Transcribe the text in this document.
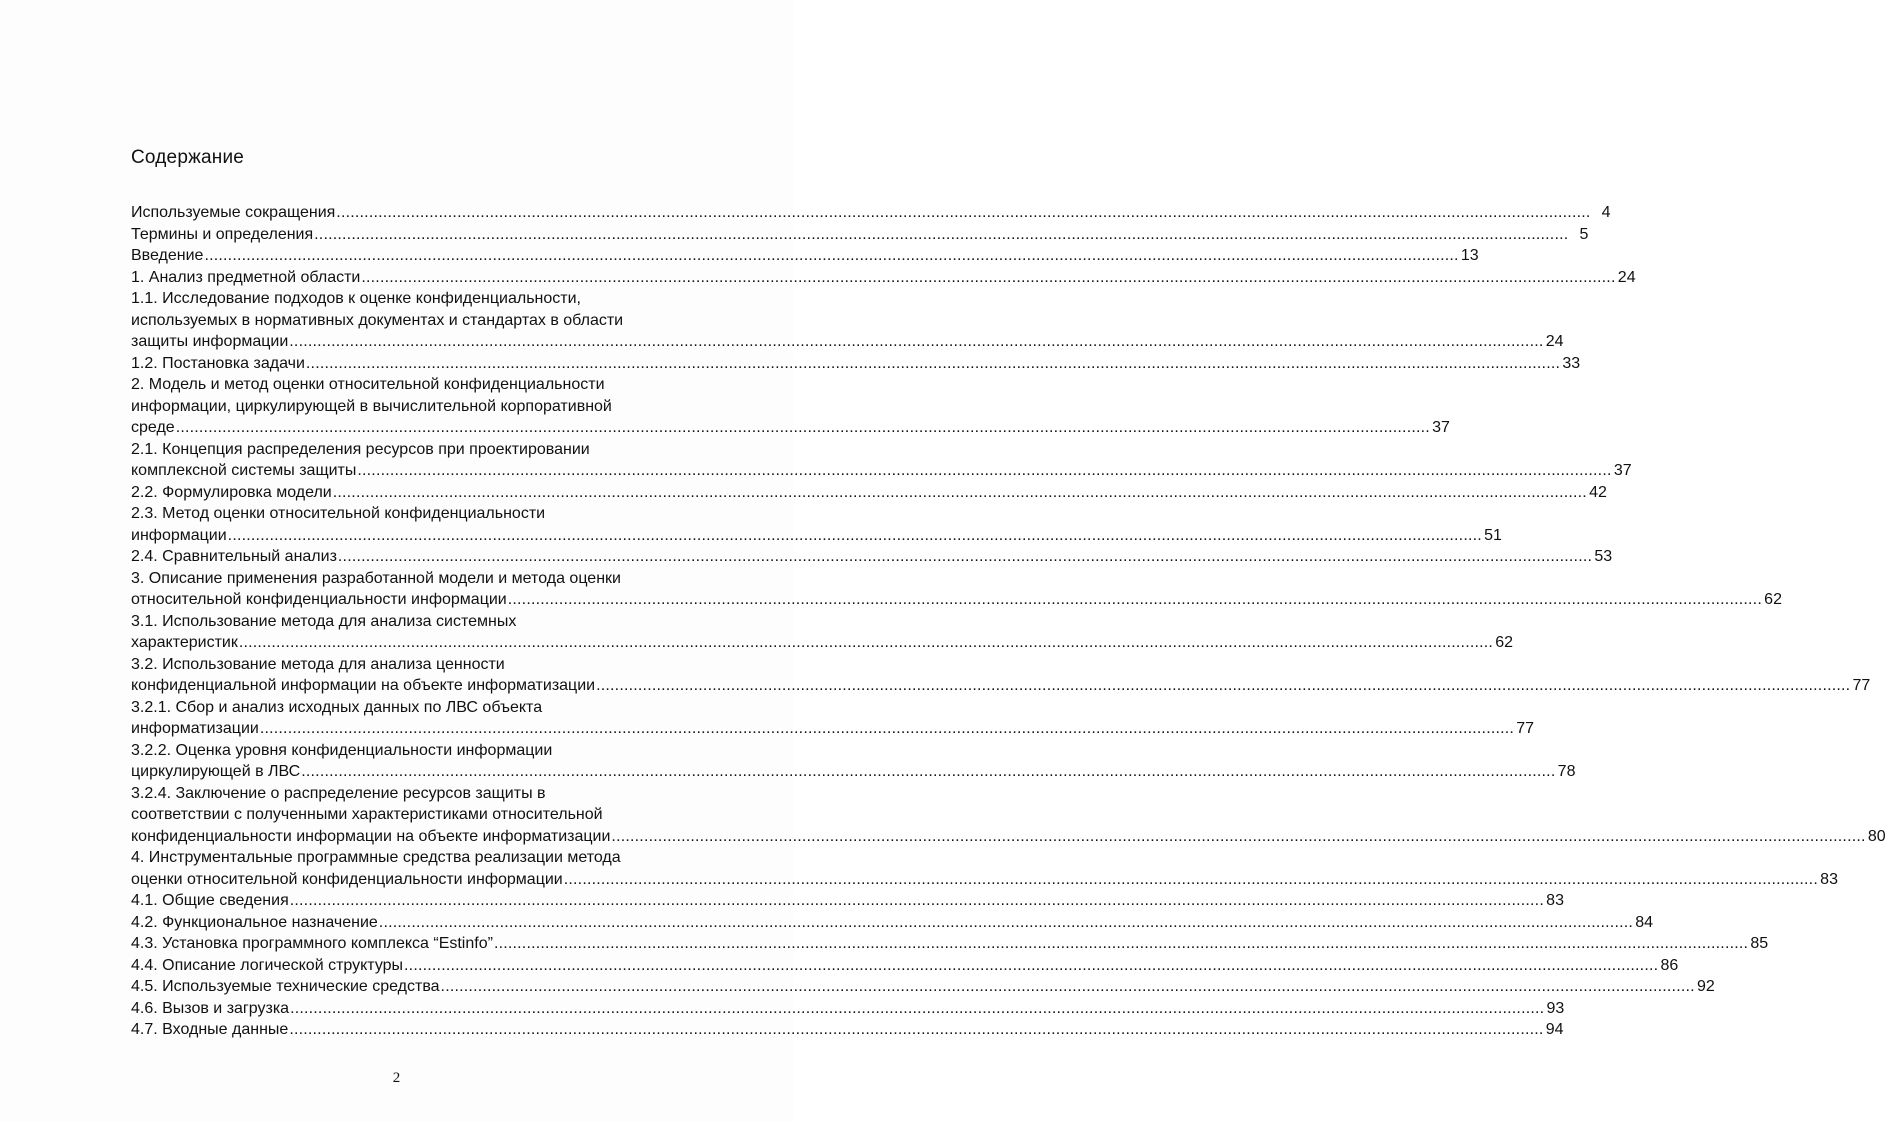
Содержание
Используемые сокращения .....	4
Термины и определения .....	5
Введение .....	13
1. Анализ предметной области .....	24
1.1. Исследование подходов к оценке конфиденциальности,
используемых в нормативных документах и стандартах в области
защиты информации .....	24
1.2. Постановка задачи .....	33
2. Модель и метод оценки относительной конфиденциальности
информации, циркулирующей в вычислительной корпоративной
среде .....	37
2.1. Концепция распределения ресурсов при проектировании
комплексной системы защиты .....	37
2.2. Формулировка модели .....	42
2.3. Метод оценки относительной конфиденциальности
информации .....	51
2.4. Сравнительный анализ .....	53
3. Описание применения разработанной модели и метода оценки
относительной конфиденциальности информации .....	62
3.1. Использование метода для анализа системных
характеристик .....	62
3.2. Использование метода для анализа ценности
конфиденциальной информации на объекте информатизации .....	77
3.2.1. Сбор и анализ исходных данных по ЛВС объекта
информатизации .....	77
3.2.2. Оценка уровня конфиденциальности информации
циркулирующей в ЛВС .....	78
3.2.4. Заключение о распределение ресурсов защиты в
соответствии с полученными характеристиками относительной
конфиденциальности информации на объекте информатизации .....	80
4. Инструментальные программные средства реализации метода
оценки относительной конфиденциальности информации .....	83
4.1. Общие сведения .....	83
4.2. Функциональное назначение .....	84
4.3. Установка программного комплекса “Estinfo” .....	85
4.4. Описание логической структуры .....	86
4.5. Используемые технические средства .....	92
4.6. Вызов и загрузка .....	93
4.7. Входные данные .....	94
2
